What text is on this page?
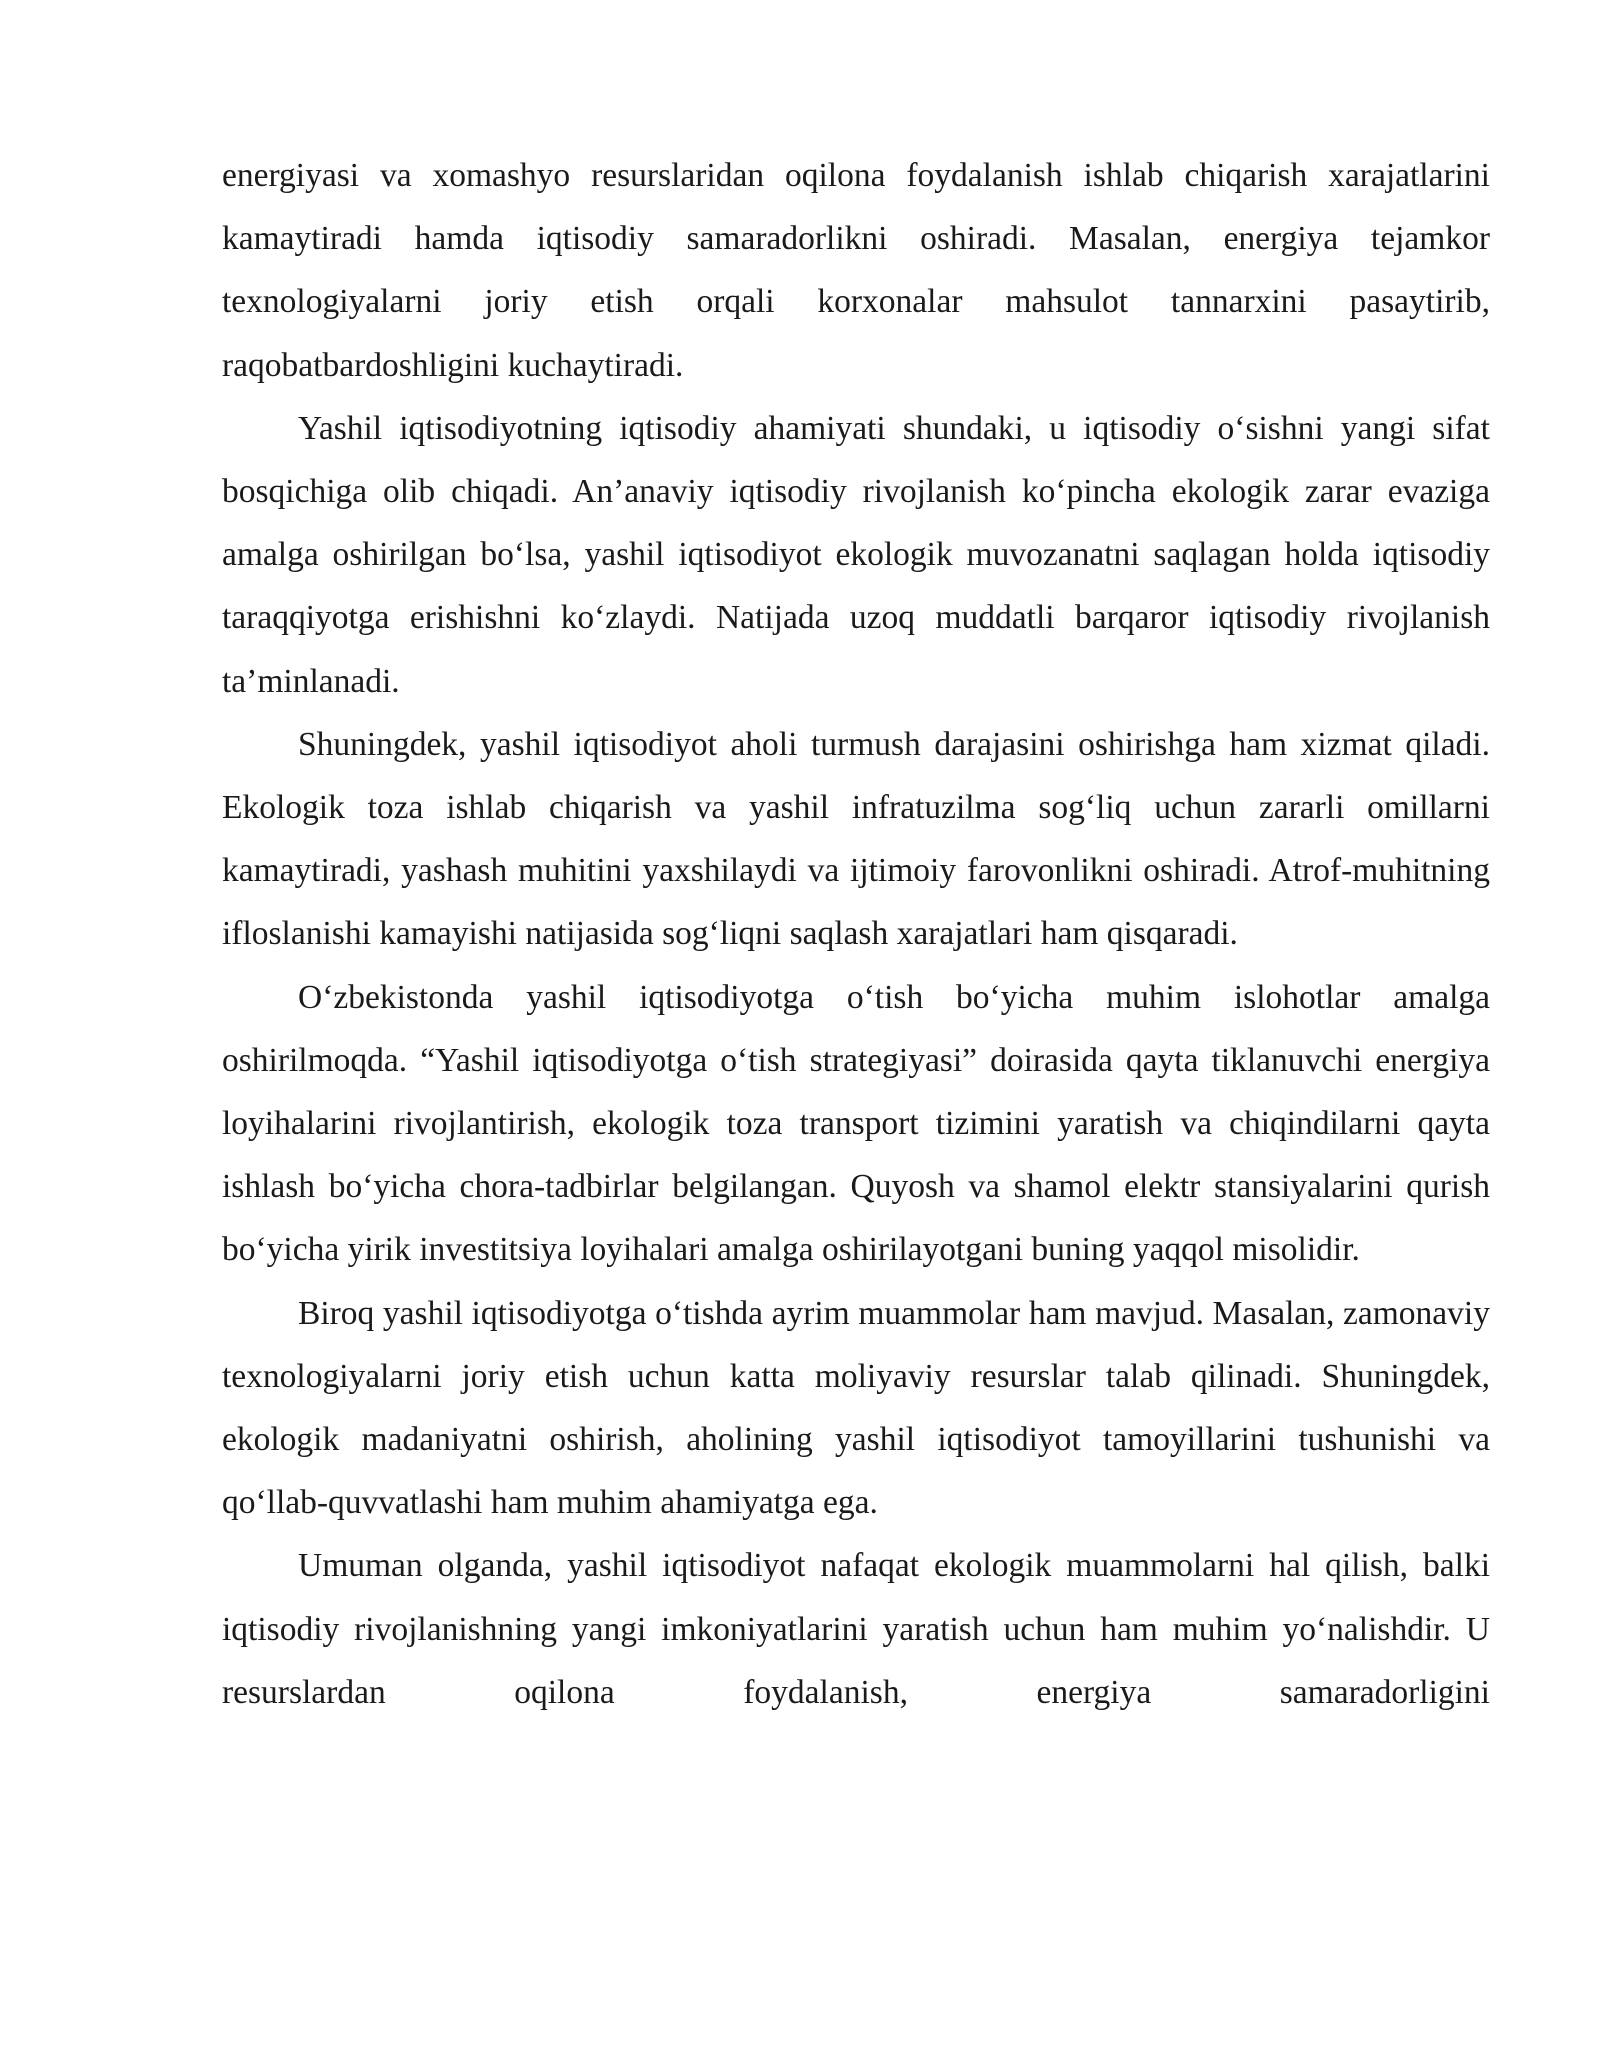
energiyasi va xomashyo resurslaridan oqilona foydalanish ishlab chiqarish xarajatlarini kamaytiradi hamda iqtisodiy samaradorlikni oshiradi. Masalan, energiya tejamkor texnologiyalarni joriy etish orqali korxonalar mahsulot tannarxini pasaytirib, raqobatbardoshligini kuchaytiradi.

Yashil iqtisodiyotning iqtisodiy ahamiyati shundaki, u iqtisodiy o‘sishni yangi sifat bosqichiga olib chiqadi. An’anaviy iqtisodiy rivojlanish ko‘pincha ekologik zarar evaziga amalga oshirilgan bo‘lsa, yashil iqtisodiyot ekologik muvozanatni saqlagan holda iqtisodiy taraqqiyotga erishishni ko‘zlaydi. Natijada uzoq muddatli barqaror iqtisodiy rivojlanish ta’minlanadi.

Shuningdek, yashil iqtisodiyot aholi turmush darajasini oshirishga ham xizmat qiladi. Ekologik toza ishlab chiqarish va yashil infratuzilma sog‘liq uchun zararli omillarni kamaytiradi, yashash muhitini yaxshilaydi va ijtimoiy farovonlikni oshiradi. Atrof-muhitning ifloslanishi kamayishi natijasida sog‘liqni saqlash xarajatlari ham qisqaradi.

O‘zbekistonda yashil iqtisodiyotga o‘tish bo‘yicha muhim islohotlar amalga oshirilmoqda. “Yashil iqtisodiyotga o‘tish strategiyasi” doirasida qayta tiklanuvchi energiya loyihalarini rivojlantirish, ekologik toza transport tizimini yaratish va chiqindilarni qayta ishlash bo‘yicha chora-tadbirlar belgilangan. Quyosh va shamol elektr stansiyalarini qurish bo‘yicha yirik investitsiya loyihalari amalga oshirilayotgani buning yaqqol misolidir.

Biroq yashil iqtisodiyotga o‘tishda ayrim muammolar ham mavjud. Masalan, zamonaviy texnologiyalarni joriy etish uchun katta moliyaviy resurslar talab qilinadi. Shuningdek, ekologik madaniyatni oshirish, aholining yashil iqtisodiyot tamoyillarini tushunishi va qo‘llab-quvvatlashi ham muhim ahamiyatga ega.

Umuman olganda, yashil iqtisodiyot nafaqat ekologik muammolarni hal qilish, balki iqtisodiy rivojlanishning yangi imkoniyatlarini yaratish uchun ham muhim yo‘nalishdir. U resurslardan oqilona foydalanish, energiya samaradorligini
